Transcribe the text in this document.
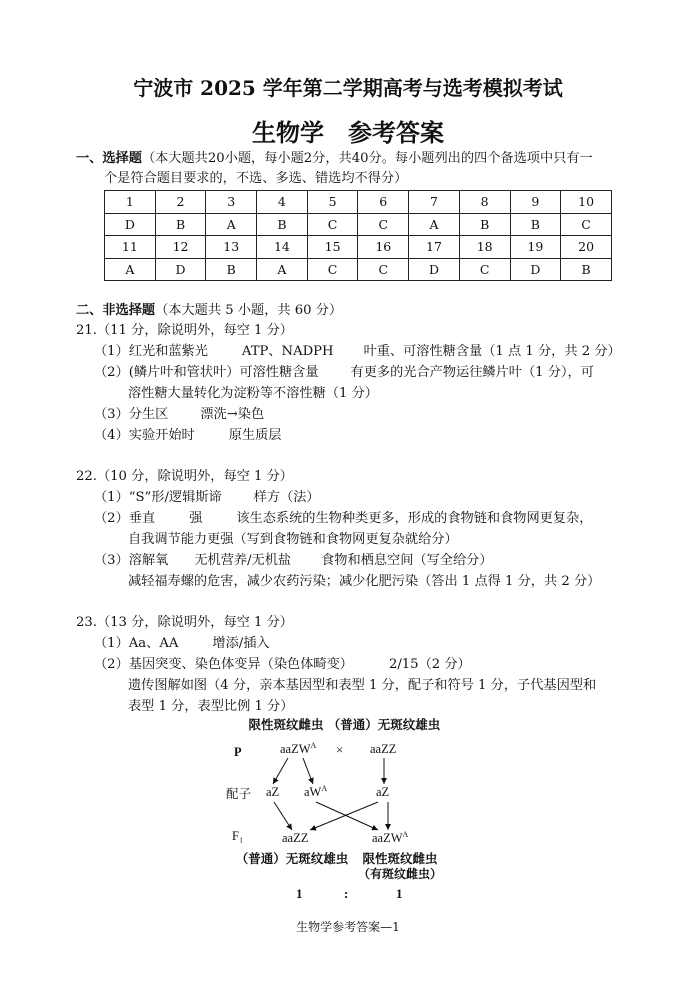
宁波市 2025 学年第二学期高考与选考模拟考试
生物学　参考答案
一、选择题（本大题共20小题，每小题2分，共40分。每小题列出的四个备选项中只有一
个是符合题目要求的，不选、多选、错选均不得分）
1	2	3	4	5	6	7	8	9	10
D	B	A	B	C	C	A	B	B	C
11	12	13	14	15	16	17	18	19	20
A	D	B	A	C	C	D	C	D	B
二、非选择题（本大题共 5 小题，共 60 分）
21.（11 分，除说明外，每空 1 分）
（1）红光和蓝紫光	ATP、NADPH 叶重、可溶性糖含量（1 点 1 分，共 2 分）
（2）(鳞片叶和管状叶）可溶性糖含量 有更多的光合产物运往鳞片叶（1 分），可
溶性糖大量转化为淀粉等不溶性糖（1 分）
（3）分生区 漂洗→染色
（4）实验开始时	原生质层
22.（10 分，除说明外，每空 1 分）
（1）“S”形/逻辑斯谛 样方（法）
（2）垂直	强	该生态系统的生物种类更多，形成的食物链和食物网更复杂，
自我调节能力更强（写到食物链和食物网更复杂就给分）
（3）溶解氧 无机营养/无机盐 食物和栖息空间（写全给分）
减轻福寿螺的危害，减少农药污染；减少化肥污染（答出 1 点得 1 分，共 2 分）
23.（13 分，除说明外，每空 1 分）
（1）Aa、AA	增添/插入
（2）基因突变、染色体变异（染色体畸变）	2/15（2 分）
遗传图解如图（4 分，亲本基因型和表型 1 分，配子和符号 1 分，子代基因型和
表型 1 分，表型比例 1 分）
限性斑纹雌虫 （普通）无斑纹雄虫
P	aaZW$^A$ × aaZZ
配子 aZ $aW^A$	aZ
F₁	aaZZ	aaZW$^A$
（普通）无斑纹雄虫 限性斑纹雌虫
（有斑纹雌虫）
1	:	1
生物学参考答案—1
